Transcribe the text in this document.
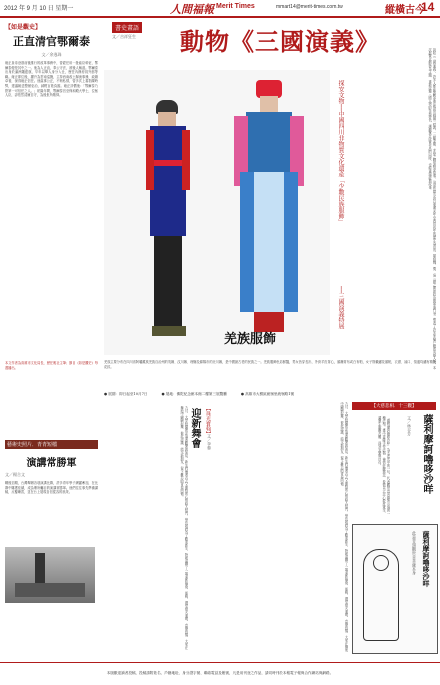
2012 年 9 月 10 日 星期一	人間福報 Merit Times	mmart14@merit-times.com.tw	縱橫古今
14
【如是觀史】
正直清官鄂爾泰
文／余逸珠
雍正皇帝登基前後推行的改革事務中，曾經任用一批能臣幹吏，鄂爾泰便是其中之一。他為人正直，奉公守法，被後人稱道。鄂爾泰出身於滿洲鑲藍旗，早年以舉人身分入仕，歷任內務府員外郎等職。雍正即位後，擢升為雲南巡撫，主持西南改土歸流事務，政績卓著，深得雍正信任。他處事公正，不徇私情，曾多次上書指陳時弊，建議朝廷整頓吏治，減輕百姓負擔。雍正評價他：「鄂爾泰乃朕第一可信任之人。」乾隆年間，鄂爾泰官至保和殿大學士，位極人臣，卻依然清廉自守，為後世所敬仰。
本文作者為高雄市文化局長，歷任報社主筆；節目《如是觀史》每週播出。
藝術史照片．青青短檔
演講常勝軍
文／楊合文
戰後初期，台灣舉辦各項演講比賽，許多青年學子踴躍參加，在比賽中屢獲佳績，成為眾所矚目的演講常勝軍。他們往往事先準備講稿，反覆練習，並在台上展現自信從容的風采。
書史畫語
文／吉祥狂生 動物《三國演義》
羌族服飾
探安文物──中國四川非物質文化遺產「少數民族服飾」
──三國演義特展	說起《三國演義》，許多人都能如數家珍地說出桃園三結義、三顧茅廬、赤壁之戰等精采故事。這部長篇小說以東漢末年至西晉初年的歷史為背景，描寫魏、蜀、吳三國之間的政治與軍事鬥爭，塑造了許多家喻戶曉的英雄人物。本次展覽以動物為主題，重新詮釋三國人物的性格特色，讓觀眾在欣賞作品的同時，也能重溫經典故事。
羌族主要分布在四川省阿壩藏族羌族自治州的茂縣、汶川縣、理縣及綿陽市的北川縣，是中國最古老的民族之一。羌族服飾色彩鮮豔，男女皆穿長衫，外套羊皮背心，頭纏青布或白布帕，女子則戴繡花頭帕，衣襟、袖口、領邊均繡有精美花紋。
● 展期：即日起至10月7日	● 展地：佛陀紀念館本館二樓第三展覽廳	● 高雄市大樹區統嶺里統嶺路1號
【珠光寶翰】
文／李黎
迎新舞會
九月，大學校園裡洋溢著歡樂的氣氛，新生們懷著忐忑又期待的心情踏入校門。學長姐們為了歡迎新生，特地籌辦了一場迎新舞會。那晚，禮堂燈火通明，音樂悠揚，大家在舞池中翩翩起舞，彼此認識，結交新朋友，留下難忘的青春回憶。	九月，大學校園裡洋溢著歡樂的氣氛，新生們懷著忐忑又期待的心情踏入校門。學長姐們為了歡迎新生，特地籌辦了一場迎新舞會。那晚，禮堂燈火通明，音樂悠揚，大家在舞池中翩翩起舞，彼此認識，結交新朋友，留下難忘的青春回憶。	【大慈悲相．十三觀】
薩利摩訶嚕哆沙咩
文／林谷芳
「薩利摩訶嚕哆沙咩」為大悲咒中的一句，代表觀世音菩薩所示現的一種法相。畫中菩薩手持法器，神情莊嚴慈悲，象徵以大悲心救度眾生，讓眾生脫離苦難，得到安樂與自在。
薩利摩訶嚕哆沙咩
此是青頸觀世音菩薩本身
本版歡迎讀者投稿，投稿請附姓名、戶籍地址、身分證字號、聯絡電話及帳號，凡是用刊登之作品，請同時刊於本報電子報與合作網站與網路。
